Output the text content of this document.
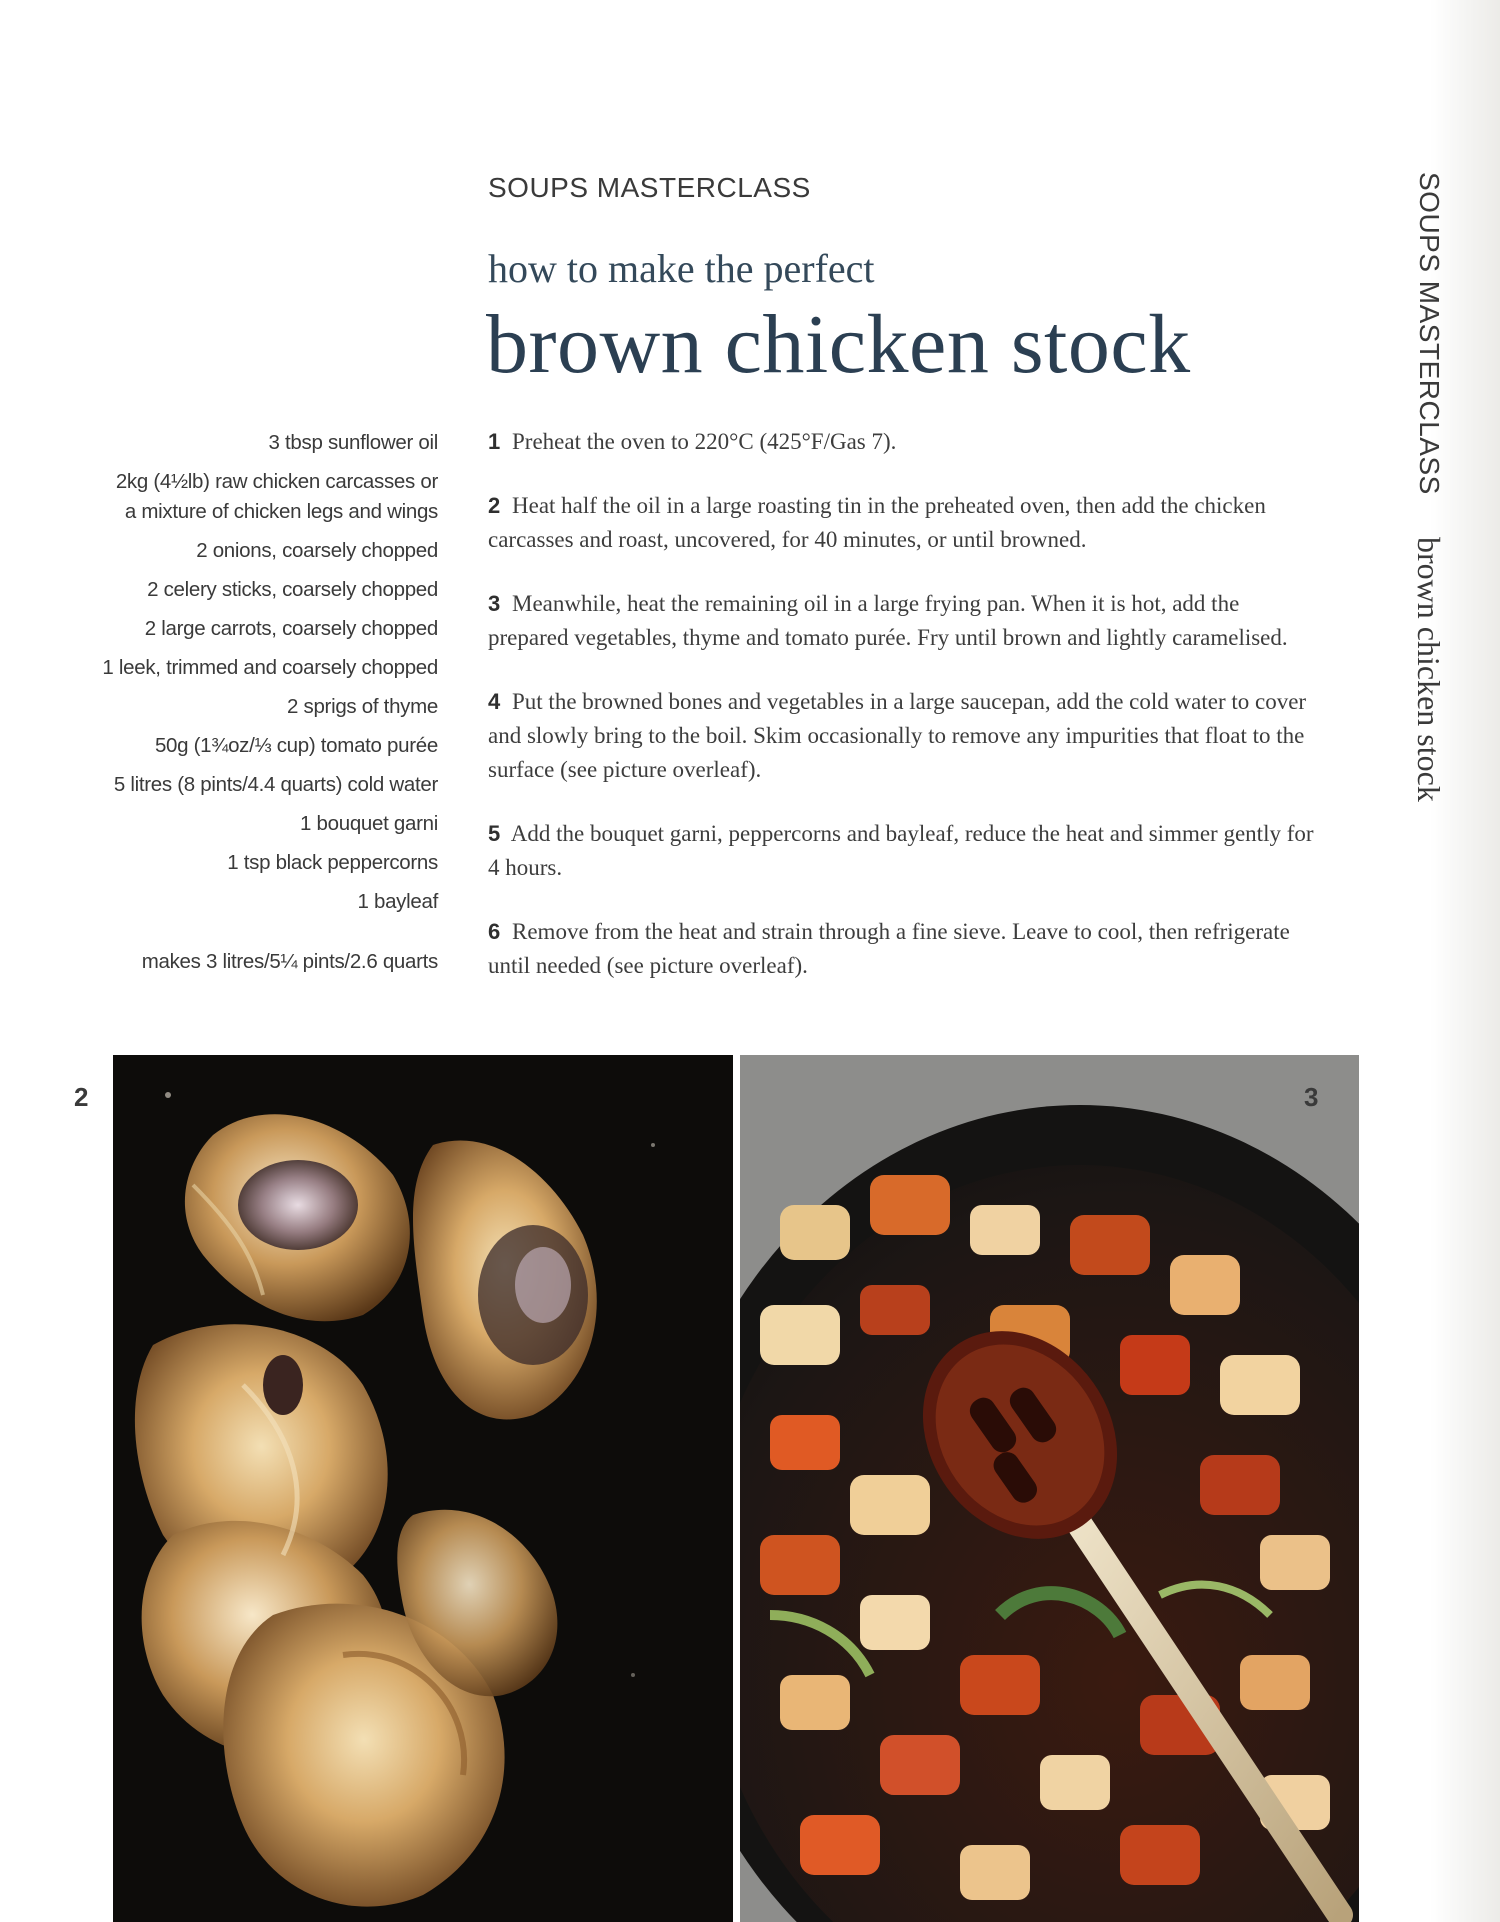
SOUPS MASTERCLASS
how to make the perfect
brown chicken stock
3 tbsp sunflower oil
2kg (4½lb) raw chicken carcasses or a mixture of chicken legs and wings
2 onions, coarsely chopped
2 celery sticks, coarsely chopped
2 large carrots, coarsely chopped
1 leek, trimmed and coarsely chopped
2 sprigs of thyme
50g (1¾oz/⅓ cup) tomato purée
5 litres (8 pints/4.4 quarts) cold water
1 bouquet garni
1 tsp black peppercorns
1 bayleaf
makes 3 litres/5¼ pints/2.6 quarts

1 Preheat the oven to 220°C (425°F/Gas 7).

2 Heat half the oil in a large roasting tin in the preheated oven, then add the chicken carcasses and roast, uncovered, for 40 minutes, or until browned.

3 Meanwhile, heat the remaining oil in a large frying pan. When it is hot, add the prepared vegetables, thyme and tomato purée. Fry until brown and lightly caramelised.

4 Put the browned bones and vegetables in a large saucepan, add the cold water to cover and slowly bring to the boil. Skim occasionally to remove any impurities that float to the surface (see picture overleaf).

5 Add the bouquet garni, peppercorns and bayleaf, reduce the heat and simmer gently for 4 hours.

6 Remove from the heat and strain through a fine sieve. Leave to cool, then refrigerate until needed (see picture overleaf).

SOUPS MASTERCLASSbrown chicken stock
2	3
